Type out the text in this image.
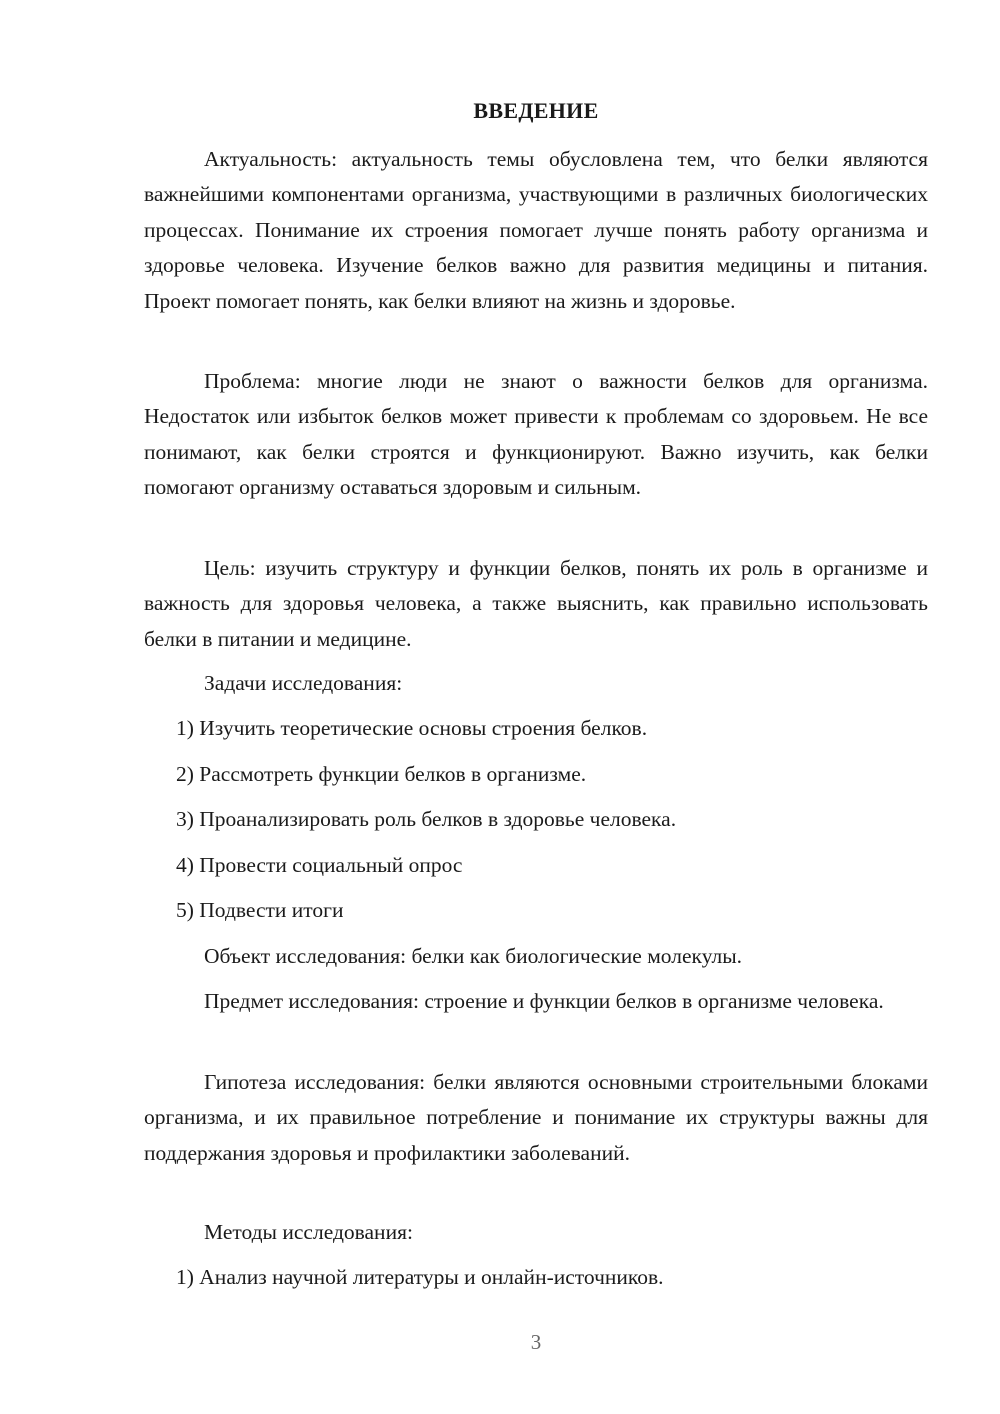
ВВЕДЕНИЕ

Актуальность: актуальность темы обусловлена тем, что белки являются важнейшими компонентами организма, участвующими в различных биологических процессах. Понимание их строения помогает лучше понять работу организма и здоровье человека. Изучение белков важно для развития медицины и питания. Проект помогает понять, как белки влияют на жизнь и здоровье.

Проблема: многие люди не знают о важности белков для организма. Недостаток или избыток белков может привести к проблемам со здоровьем. Не все понимают, как белки строятся и функционируют. Важно изучить, как белки помогают организму оставаться здоровым и сильным.

Цель: изучить структуру и функции белков, понять их роль в организме и важность для здоровья человека, а также выяснить, как правильно использовать белки в питании и медицине.

Задачи исследования:

1) Изучить теоретические основы строения белков.

2) Рассмотреть функции белков в организме.

3) Проанализировать роль белков в здоровье человека.

4) Провести социальный опрос

5) Подвести итоги

Объект исследования: белки как биологические молекулы.

Предмет исследования: строение и функции белков в организме человека.

Гипотеза исследования: белки являются основными строительными блоками организма, и их правильное потребление и понимание их структуры важны для поддержания здоровья и профилактики заболеваний.

Методы исследования:

1) Анализ научной литературы и онлайн-источников.

3
